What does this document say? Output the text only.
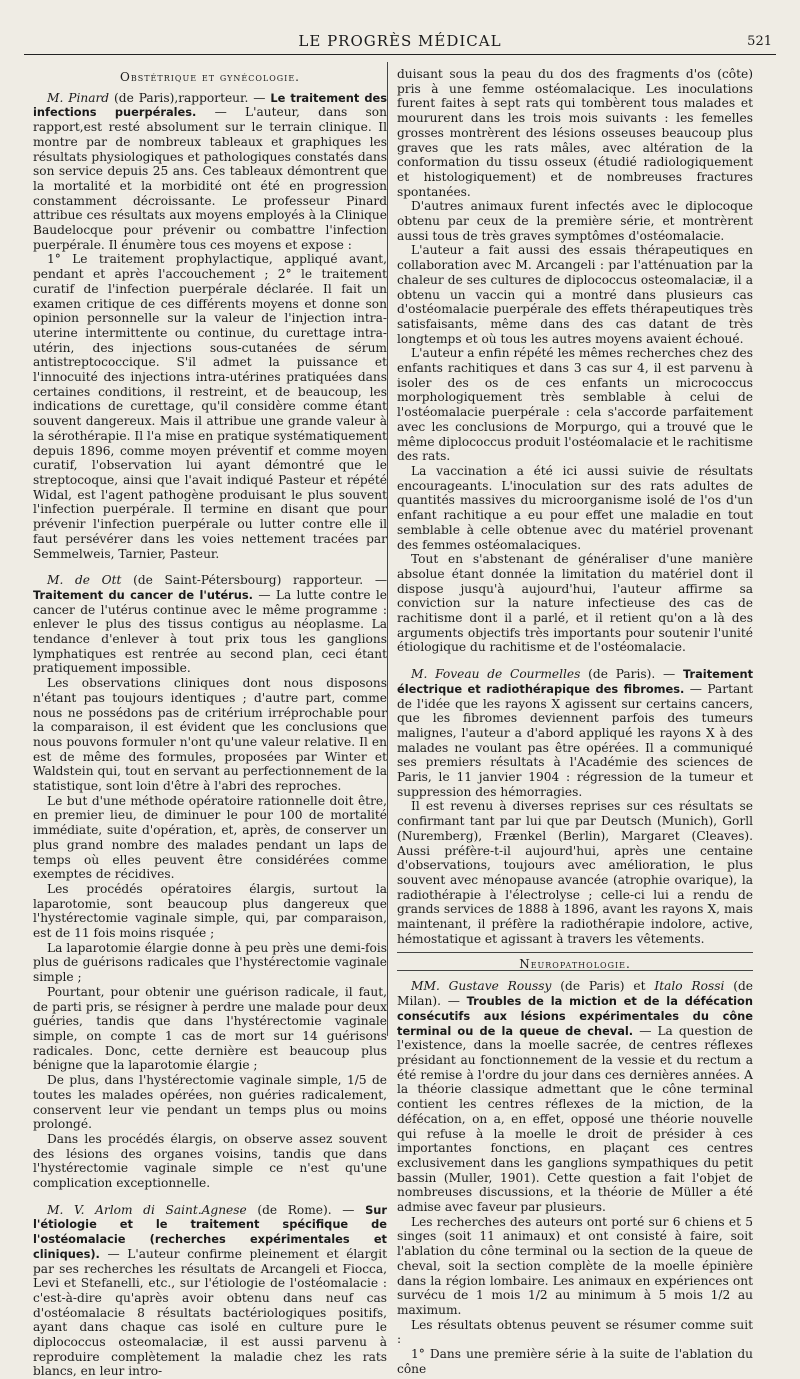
LE PROGRÈS MÉDICAL	521
Obstétrique et gynécologie.

M. Pinard (de Paris),rapporteur. — Le traitement des infections puerpérales. — L'auteur, dans son rapport,est resté absolument sur le terrain clinique. Il montre par de nombreux tableaux et graphiques les résultats physiologiques et pathologiques constatés dans son service depuis 25 ans. Ces tableaux démontrent que la mortalité et la morbidité ont été en progression constamment décroissante. Le professeur Pinard attribue ces résultats aux moyens employés à la Clinique Baudelocque pour prévenir ou combattre l'infection puerpérale. Il énumère tous ces moyens et expose :

1° Le traitement prophylactique, appliqué avant, pendant et après l'accouchement ; 2° le traitement curatif de l'infection puerpérale déclarée. Il fait un examen critique de ces différents moyens et donne son opinion personnelle sur la valeur de l'injection intra-uterine intermittente ou continue, du curettage intra-utérin, des injections sous-cutanées de sérum antistreptococcique. S'il admet la puissance et l'innocuité des injections intra-utérines pratiquées dans certaines conditions, il restreint, et de beaucoup, les indications de curettage, qu'il considère comme étant souvent dangereux. Mais il attribue une grande valeur à la sérothérapie. Il l'a mise en pratique systématiquement depuis 1896, comme moyen préventif et comme moyen curatif, l'observation lui ayant démontré que le streptocoque, ainsi que l'avait indiqué Pasteur et répété Widal, est l'agent pathogène produisant le plus souvent l'infection puerpérale. Il termine en disant que pour prévenir l'infection puerpérale ou lutter contre elle il faut persévérer dans les voies nettement tracées par Semmelweis, Tarnier, Pasteur.

M. de Ott (de Saint-Pétersbourg) rapporteur. — Traitement du cancer de l'utérus. — La lutte contre le cancer de l'utérus continue avec le même programme : enlever le plus des tissus contigus au néoplasme. La tendance d'enlever à tout prix tous les ganglions lymphatiques est rentrée au second plan, ceci étant pratiquement impossible.

Les observations cliniques dont nous disposons n'étant pas toujours identiques ; d'autre part, comme nous ne possédons pas de critérium irréprochable pour la comparaison, il est évident que les conclusions que nous pouvons formuler n'ont qu'une valeur relative. Il en est de même des formules, proposées par Winter et Waldstein qui, tout en servant au perfectionnement de la statistique, sont loin d'être à l'abri des reproches.

Le but d'une méthode opératoire rationnelle doit être, en premier lieu, de diminuer le pour 100 de mortalité immédiate, suite d'opération, et, après, de conserver un plus grand nombre des malades pendant un laps de temps où elles peuvent être considérées comme exemptes de récidives.

Les procédés opératoires élargis, surtout la laparotomie, sont beaucoup plus dangereux que l'hystérectomie vaginale simple, qui, par comparaison, est de 11 fois moins risquée ;

La laparotomie élargie donne à peu près une demi-fois plus de guérisons radicales que l'hystérectomie vaginale simple ;

Pourtant, pour obtenir une guérison radicale, il faut, de parti pris, se résigner à perdre une malade pour deux guéries, tandis que dans l'hystérectomie vaginale simple, on compte 1 cas de mort sur 14 guérisons radicales. Donc, cette dernière est beaucoup plus bénigne que la laparotomie élargie ;

De plus, dans l'hystérectomie vaginale simple, 1/5 de toutes les malades opérées, non guéries radicalement, conservent leur vie pendant un temps plus ou moins prolongé.

Dans les procédés élargis, on observe assez souvent des lésions des organes voisins, tandis que dans l'hystérectomie vaginale simple ce n'est qu'une complication exceptionnelle.

M. V. Arlom di Saint.Agnese (de Rome). — Sur l'étiologie et le traitement spécifique de l'ostéomalacie (recherches expérimentales et cliniques). — L'auteur confirme pleinement et élargit par ses recherches les résultats de Arcangeli et Fiocca, Levi et Stefanelli, etc., sur l'étiologie de l'ostéomalacie : c'est-à-dire qu'après avoir obtenu dans neuf cas d'ostéomalacie 8 résultats bactériologiques positifs, ayant dans chaque cas isolé en culture pure le diplococcus osteomalaciæ, il est aussi parvenu à reproduire complètement la maladie chez les rats blancs, en leur intro-

duisant sous la peau du dos des fragments d'os (côte) pris à une femme ostéomalacique. Les inoculations furent faites à sept rats qui tombèrent tous malades et moururent dans les trois mois suivants : les femelles grosses montrèrent des lésions osseuses beaucoup plus graves que les rats mâles, avec altération de la conformation du tissu osseux (étudié radiologiquement et histologiquement) et de nombreuses fractures spontanées.

D'autres animaux furent infectés avec le diplocoque obtenu par ceux de la première série, et montrèrent aussi tous de très graves symptômes d'ostéomalacie.

L'auteur a fait aussi des essais thérapeutiques en collaboration avec M. Arcangeli : par l'atténuation par la chaleur de ses cultures de diplococcus osteomalaciæ, il a obtenu un vaccin qui a montré dans plusieurs cas d'ostéomalacie puerpérale des effets thérapeutiques très satisfaisants, même dans des cas datant de très longtemps et où tous les autres moyens avaient échoué.

L'auteur a enfin répété les mêmes recherches chez des enfants rachitiques et dans 3 cas sur 4, il est parvenu à isoler des os de ces enfants un micrococcus morphologiquement très semblable à celui de l'ostéomalacie puerpérale : cela s'accorde parfaitement avec les conclusions de Morpurgo, qui a trouvé que le même diplococcus produit l'ostéomalacie et le rachitisme des rats.

La vaccination a été ici aussi suivie de résultats encourageants. L'inoculation sur des rats adultes de quantités massives du microorganisme isolé de l'os d'un enfant rachitique a eu pour effet une maladie en tout semblable à celle obtenue avec du matériel provenant des femmes ostéomalaciques.

Tout en s'abstenant de généraliser d'une manière absolue étant donnée la limitation du matériel dont il dispose jusqu'à aujourd'hui, l'auteur affirme sa conviction sur la nature infectieuse des cas de rachitisme dont il a parlé, et il retient qu'on a là des arguments objectifs très importants pour soutenir l'unité étiologique du rachitisme et de l'ostéomalacie.

M. Foveau de Courmelles (de Paris). — Traitement électrique et radiothérapique des fibromes. — Partant de l'idée que les rayons X agissent sur certains cancers, que les fibromes deviennent parfois des tumeurs malignes, l'auteur a d'abord appliqué les rayons X à des malades ne voulant pas être opérées. Il a communiqué ses premiers résultats à l'Académie des sciences de Paris, le 11 janvier 1904 : régression de la tumeur et suppression des hémorragies.

Il est revenu à diverses reprises sur ces résultats se confirmant tant par lui que par Deutsch (Munich), Gorll (Nuremberg), Frænkel (Berlin), Margaret (Cleaves). Aussi préfère-t-il aujourd'hui, après une centaine d'observations, toujours avec amélioration, le plus souvent avec ménopause avancée (atrophie ovarique), la radiothérapie à l'électrolyse ; celle-ci lui a rendu de grands services de 1888 à 1896, avant les rayons X, mais maintenant, il préfère la radiothérapie indolore, active, hémostatique et agissant à travers les vêtements.

Neuropathologie.

MM. Gustave Roussy (de Paris) et Italo Rossi (de Milan). — Troubles de la miction et de la défécation consécutifs aux lésions expérimentales du cône terminal ou de la queue de cheval. — La question de l'existence, dans la moelle sacrée, de centres réflexes présidant au fonctionnement de la vessie et du rectum a été remise à l'ordre du jour dans ces dernières années. A la théorie classique admettant que le cône terminal contient les centres réflexes de la miction, de la défécation, on a, en effet, opposé une théorie nouvelle qui refuse à la moelle le droit de présider à ces importantes fonctions, en plaçant ces centres exclusivement dans les ganglions sympathiques du petit bassin (Muller, 1901). Cette question a fait l'objet de nombreuses discussions, et la théorie de Müller a été admise avec faveur par plusieurs.

Les recherches des auteurs ont porté sur 6 chiens et 5 singes (soit 11 animaux) et ont consisté à faire, soit l'ablation du cône terminal ou la section de la queue de cheval, soit la section complète de la moelle épinière dans la région lombaire. Les animaux en expériences ont survécu de 1 mois 1/2 au minimum à 5 mois 1/2 au maximum.

Les résultats obtenus peuvent se résumer comme suit :

1° Dans une première série à la suite de l'ablation du cône
